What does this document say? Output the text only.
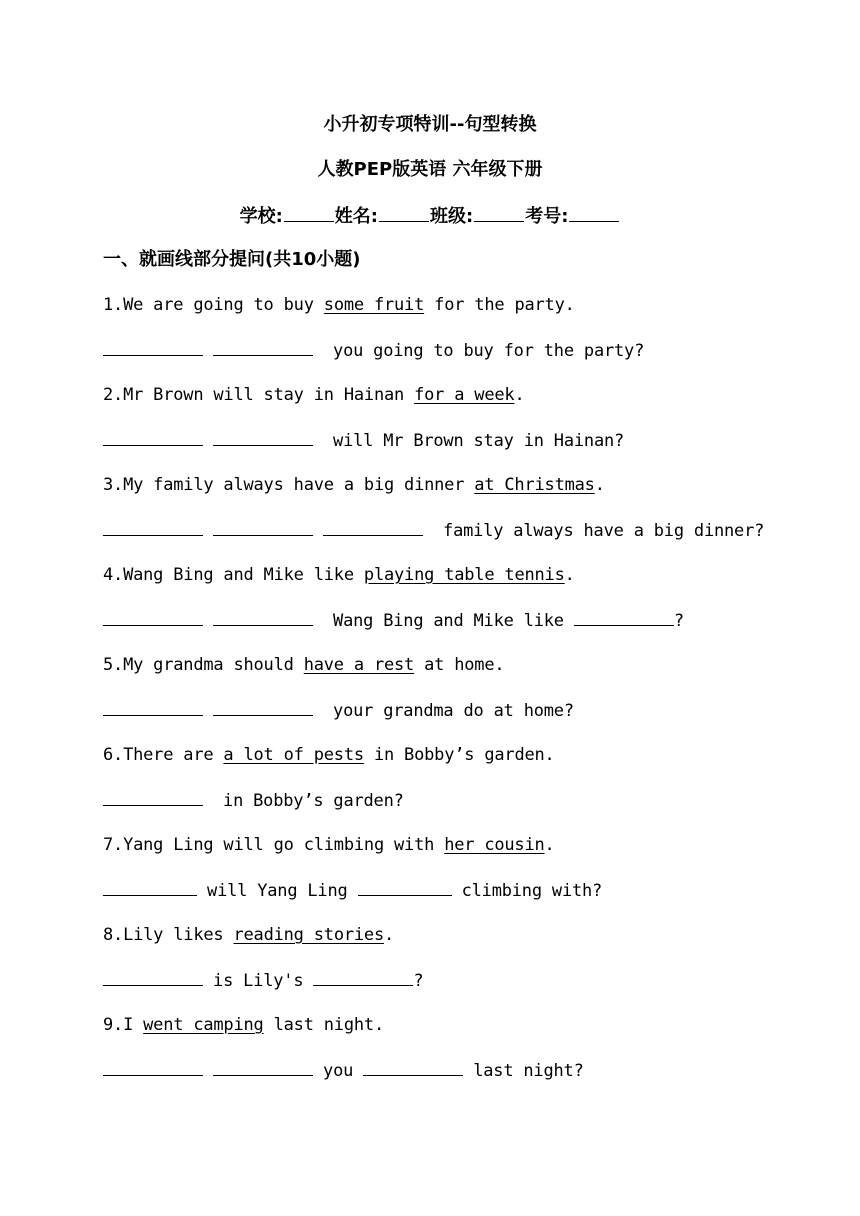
小升初专项特训--句型转换
人教PEP版英语 六年级下册
学校:	姓名:	班级:	考号:
一、就画线部分提问(共10小题)
1.We are going to buy some fruit for the party.
you going to buy for the party?
2.Mr Brown will stay in Hainan for a week.
will Mr Brown stay in Hainan?
3.My family always have a big dinner at Christmas.
family always have a big dinner?
4.Wang Bing and Mike like playing table tennis.
Wang Bing and Mike like	?
5.My grandma should have a rest at home.
your grandma do at home?
6.There are a lot of pests in Bobby’s garden.
in Bobby’s garden?
7.Yang Ling will go climbing with her cousin.
will Yang Ling	climbing with?
8.Lily likes reading stories.
is Lily's	?
9.I went camping last night.
you	last night?
